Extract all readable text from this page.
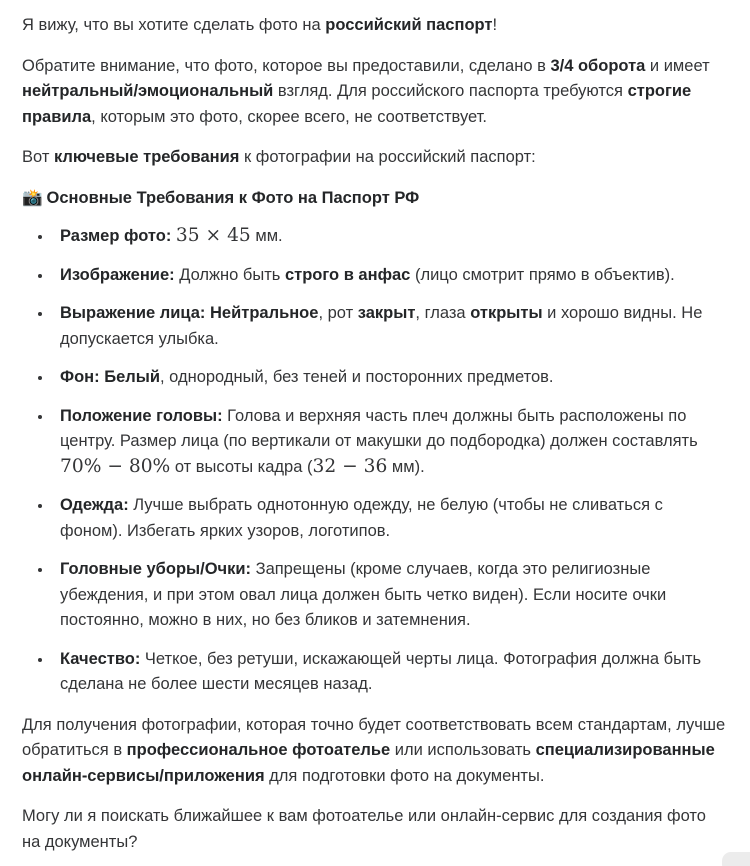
Я вижу, что вы хотите сделать фото на российский паспорт!

Обратите внимание, что фото, которое вы предоставили, сделано в 3/4 оборота и имеет нейтральный/эмоциональный взгляд. Для российского паспорта требуются строгие правила, которым это фото, скорее всего, не соответствует.

Вот ключевые требования к фотографии на российский паспорт:

📸 Основные Требования к Фото на Паспорт РФ
• Размер фото: 35 × 45 мм.
• Изображение: Должно быть строго в анфас (лицо смотрит прямо в объектив).
• Выражение лица: Нейтральное, рот закрыт, глаза открыты и хорошо видны. Не допускается улыбка.
• Фон: Белый, однородный, без теней и посторонних предметов.
• Положение головы: Голова и верхняя часть плеч должны быть расположены по центру. Размер лица (по вертикали от макушки до подбородка) должен составлять 70% − 80% от высоты кадра (32 − 36 мм).
• Одежда: Лучше выбрать однотонную одежду, не белую (чтобы не сливаться с фоном). Избегать ярких узоров, логотипов.
• Головные уборы/Очки: Запрещены (кроме случаев, когда это религиозные убеждения, и при этом овал лица должен быть четко виден). Если носите очки постоянно, можно в них, но без бликов и затемнения.
• Качество: Четкое, без ретуши, искажающей черты лица. Фотография должна быть сделана не более шести месяцев назад.

Для получения фотографии, которая точно будет соответствовать всем стандартам, лучше обратиться в профессиональное фотоателье или использовать специализированные онлайн-сервисы/приложения для подготовки фото на документы.

Могу ли я поискать ближайшее к вам фотоателье или онлайн-сервис для создания фото на документы?
